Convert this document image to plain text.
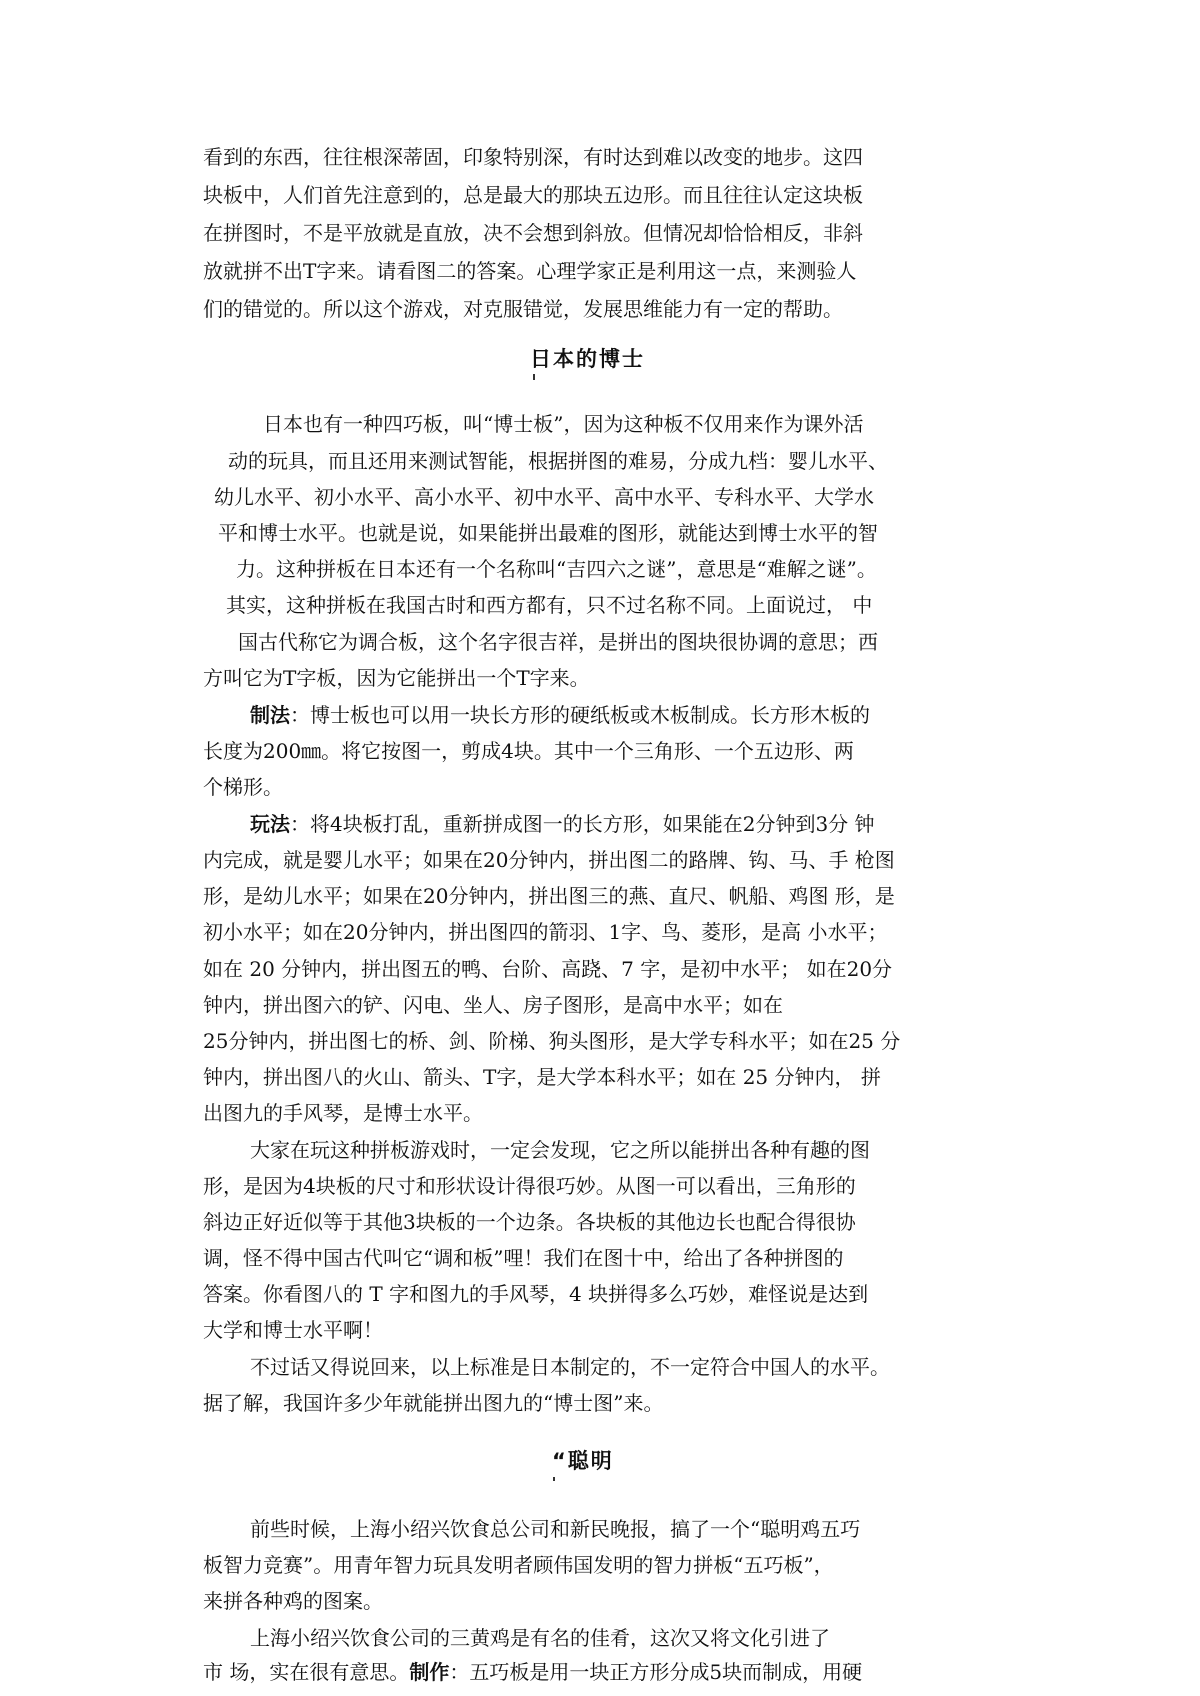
看到的东西，往往根深蒂固，印象特别深，有时达到难以改变的地步。这四
块板中，人们首先注意到的，总是最大的那块五边形。而且往往认定这块板
在拼图时，不是平放就是直放，决不会想到斜放。但情况却恰恰相反，非斜
放就拼不出T字来。请看图二的答案。心理学家正是利用这一点，来测验人
们的错觉的。所以这个游戏，对克服错觉，发展思维能力有一定的帮助。
日本的博士
日本也有一种四巧板，叫“博士板”，因为这种板不仅用来作为课外活
动的玩具，而且还用来测试智能，根据拼图的难易，分成九档：婴儿水平、
幼儿水平、初小水平、高小水平、初中水平、高中水平、专科水平、大学水
平和博士水平。也就是说，如果能拼出最难的图形，就能达到博士水平的智
力。这种拼板在日本还有一个名称叫“吉四六之谜”，意思是“难解之谜”。
其实，这种拼板在我国古时和西方都有，只不过名称不同。上面说过， 中
国古代称它为调合板，这个名字很吉祥，是拼出的图块很协调的意思；西
方叫它为T字板，因为它能拼出一个T字来。
制法：博士板也可以用一块长方形的硬纸板或木板制成。长方形木板的
长度为200㎜。将它按图一，剪成4块。其中一个三角形、一个五边形、两
个梯形。
玩法：将4块板打乱，重新拼成图一的长方形，如果能在2分钟到3分 钟
内完成，就是婴儿水平；如果在20分钟内，拼出图二的路牌、钩、马、手 枪图
形，是幼儿水平；如果在20分钟内，拼出图三的燕、直尺、帆船、鸡图 形，是
初小水平；如在20分钟内，拼出图四的箭羽、1字、鸟、菱形，是高 小水平；
如在 20 分钟内，拼出图五的鸭、台阶、高跷、7 字，是初中水平； 如在20分
钟内，拼出图六的铲、闪电、坐人、房子图形，是高中水平；如在
25分钟内，拼出图七的桥、剑、阶梯、狗头图形，是大学专科水平；如在25 分
钟内，拼出图八的火山、箭头、T字，是大学本科水平；如在 25 分钟内， 拼
出图九的手风琴，是博士水平。
大家在玩这种拼板游戏时，一定会发现，它之所以能拼出各种有趣的图
形，是因为4块板的尺寸和形状设计得很巧妙。从图一可以看出，三角形的
斜边正好近似等于其他3块板的一个边条。各块板的其他边长也配合得很协
调，怪不得中国古代叫它“调和板”哩！我们在图十中，给出了各种拼图的
答案。你看图八的 T 字和图九的手风琴，4 块拼得多么巧妙，难怪说是达到
大学和博士水平啊！
不过话又得说回来，以上标准是日本制定的，不一定符合中国人的水平。
据了解，我国许多少年就能拼出图九的“博士图”来。
“聪明
前些时候，上海小绍兴饮食总公司和新民晚报，搞了一个“聪明鸡五巧
板智力竞赛”。用青年智力玩具发明者顾伟国发明的智力拼板“五巧板”，
来拼各种鸡的图案。
上海小绍兴饮食公司的三黄鸡是有名的佳肴，这次又将文化引进了
市 场，实在很有意思。制作：五巧板是用一块正方形分成5块而制成，用硬
